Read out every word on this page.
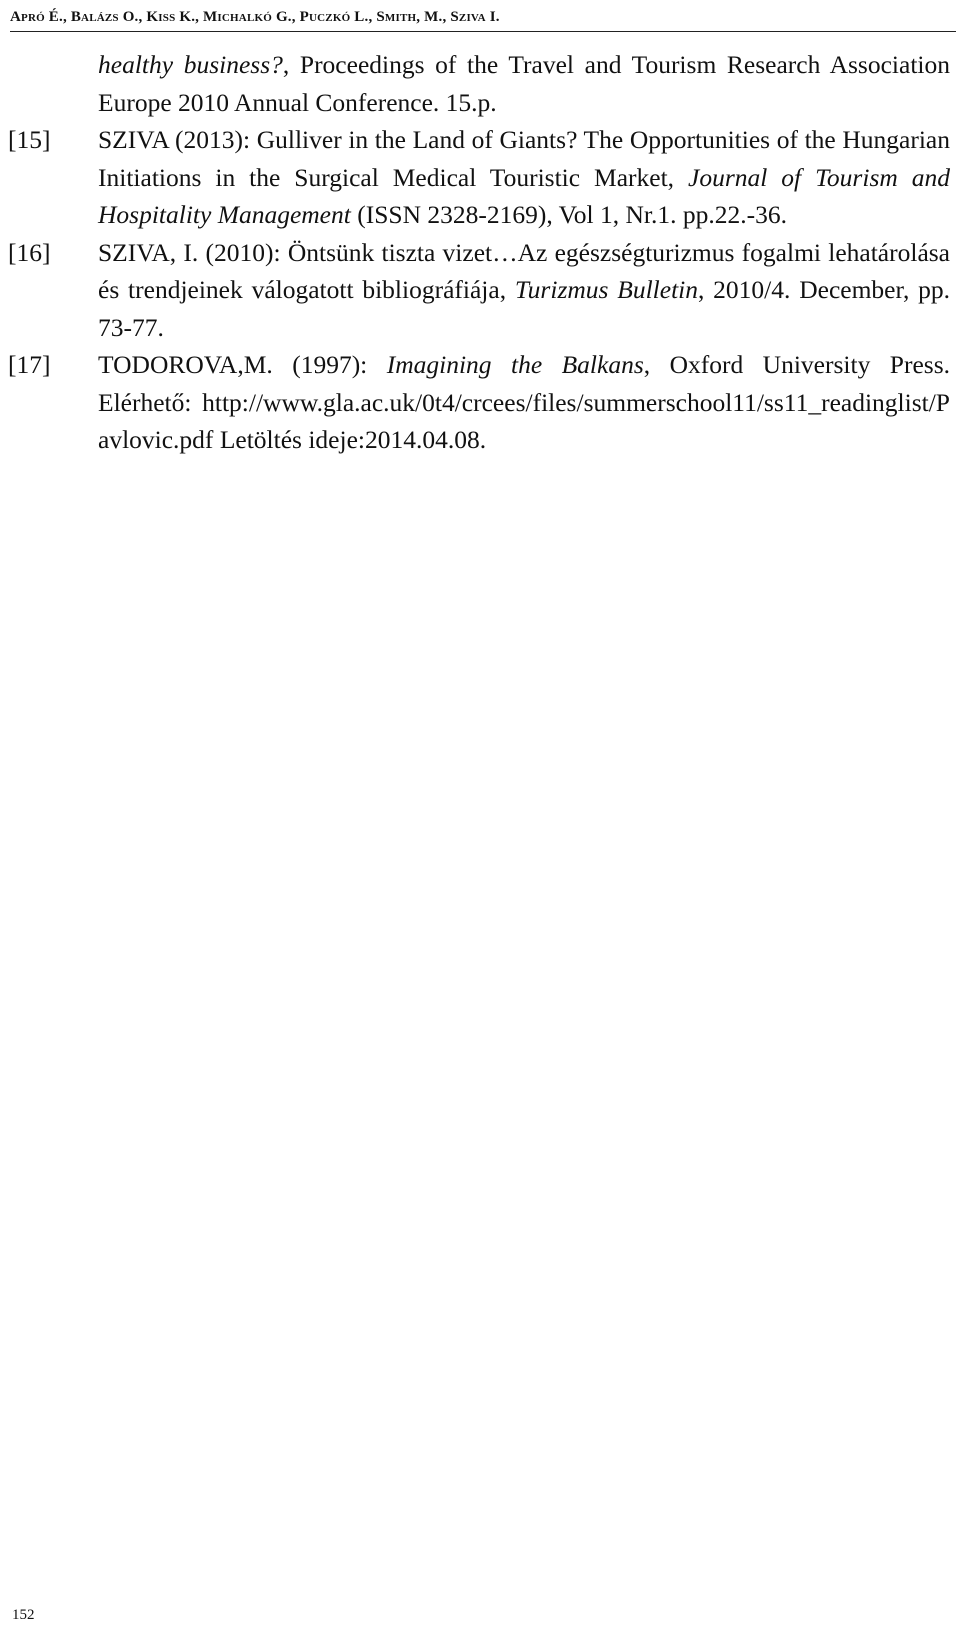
Apró É., Balázs O., Kiss K., Michalkó G., Puczkó L., Smith, M., Sziva I.
healthy business?, Proceedings of the Travel and Tourism Research Association Europe 2010 Annual Conference. 15.p.
[15] SZIVA (2013): Gulliver in the Land of Giants? The Opportunities of the Hungarian Initiations in the Surgical Medical Touristic Market, Journal of Tourism and Hospitality Management (ISSN 2328-2169), Vol 1, Nr.1. pp.22.-36.
[16] SZIVA, I. (2010): Öntsünk tiszta vizet…Az egészségturizmus fogalmi lehatárolása és trendjeinek válogatott bibliográfiája, Turizmus Bulletin, 2010/4. December, pp. 73-77.
[17] TODOROVA,M. (1997): Imagining the Balkans, Oxford University Press. Elérhető: http://www.gla.ac.uk/0t4/crcees/files/summerschool11/ss11_readinglist/Pavlovic.pdf Letöltés ideje:2014.04.08.
152
